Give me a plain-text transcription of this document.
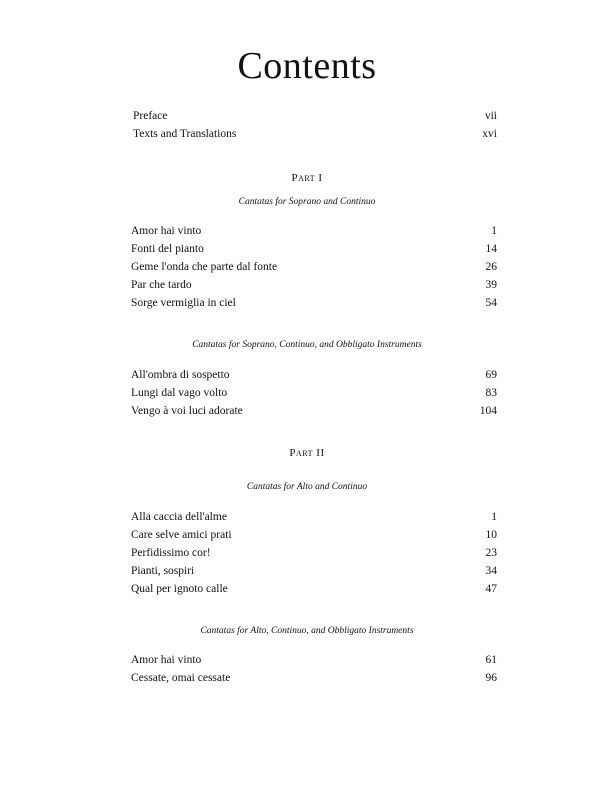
Contents
Preface	vii
Texts and Translations	xvi
Part I
Cantatas for Soprano and Continuo
Amor hai vinto	1
Fonti del pianto	14
Geme l'onda che parte dal fonte	26
Par che tardo	39
Sorge vermiglia in ciel	54
Cantatas for Soprano, Continuo, and Obbligato Instruments
All'ombra di sospetto	69
Lungi dal vago volto	83
Vengo à voi luci adorate	104
Part II
Cantatas for Alto and Continuo
Alla caccia dell'alme	1
Care selve amici prati	10
Perfidissimo cor!	23
Pianti, sospiri	34
Qual per ignoto calle	47
Cantatas for Alto, Continuo, and Obbligato Instruments
Amor hai vinto	61
Cessate, omai cessate	96
